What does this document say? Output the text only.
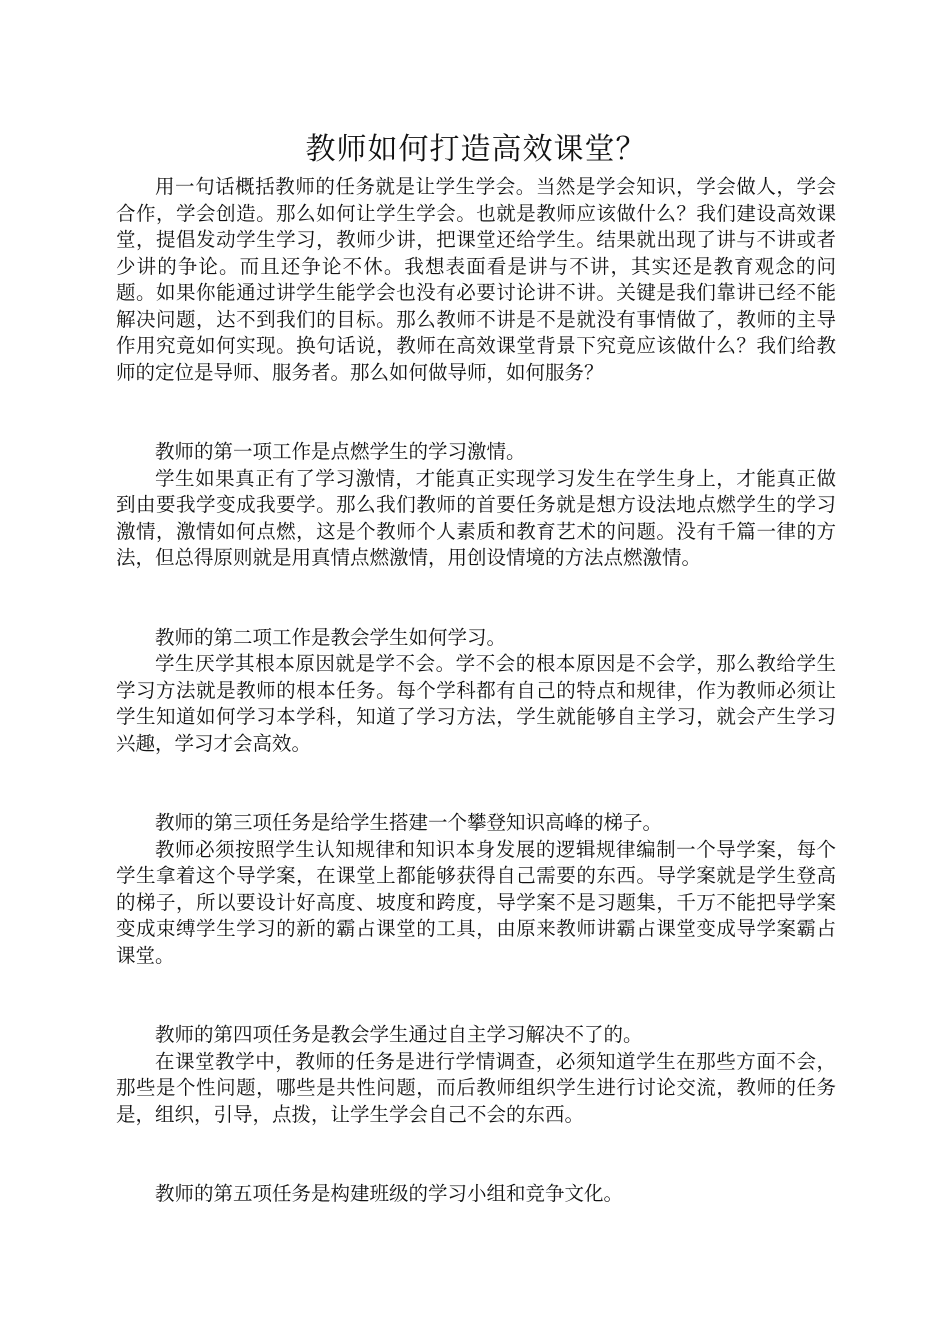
教师如何打造高效课堂？

用一句话概括教师的任务就是让学生学会。当然是学会知识，学会做人，学会合作，学会创造。那么如何让学生学会。也就是教师应该做什么？我们建设高效课堂，提倡发动学生学习，教师少讲，把课堂还给学生。结果就出现了讲与不讲或者少讲的争论。而且还争论不休。我想表面看是讲与不讲，其实还是教育观念的问题。如果你能通过讲学生能学会也没有必要讨论讲不讲。关键是我们靠讲已经不能解决问题，达不到我们的目标。那么教师不讲是不是就没有事情做了，教师的主导作用究竟如何实现。换句话说，教师在高效课堂背景下究竟应该做什么？我们给教师的定位是导师、服务者。那么如何做导师，如何服务？

教师的第一项工作是点燃学生的学习激情。

学生如果真正有了学习激情，才能真正实现学习发生在学生身上，才能真正做到由要我学变成我要学。那么我们教师的首要任务就是想方设法地点燃学生的学习激情，激情如何点燃，这是个教师个人素质和教育艺术的问题。没有千篇一律的方法，但总得原则就是用真情点燃激情，用创设情境的方法点燃激情。

教师的第二项工作是教会学生如何学习。

学生厌学其根本原因就是学不会。学不会的根本原因是不会学，那么教给学生学习方法就是教师的根本任务。每个学科都有自己的特点和规律，作为教师必须让学生知道如何学习本学科，知道了学习方法，学生就能够自主学习，就会产生学习兴趣，学习才会高效。

教师的第三项任务是给学生搭建一个攀登知识高峰的梯子。

教师必须按照学生认知规律和知识本身发展的逻辑规律编制一个导学案，每个学生拿着这个导学案，在课堂上都能够获得自己需要的东西。导学案就是学生登高的梯子，所以要设计好高度、坡度和跨度，导学案不是习题集，千万不能把导学案变成束缚学生学习的新的霸占课堂的工具，由原来教师讲霸占课堂变成导学案霸占课堂。

教师的第四项任务是教会学生通过自主学习解决不了的。

在课堂教学中，教师的任务是进行学情调查，必须知道学生在那些方面不会，那些是个性问题，哪些是共性问题，而后教师组织学生进行讨论交流，教师的任务是，组织，引导，点拨，让学生学会自己不会的东西。

教师的第五项任务是构建班级的学习小组和竞争文化。
